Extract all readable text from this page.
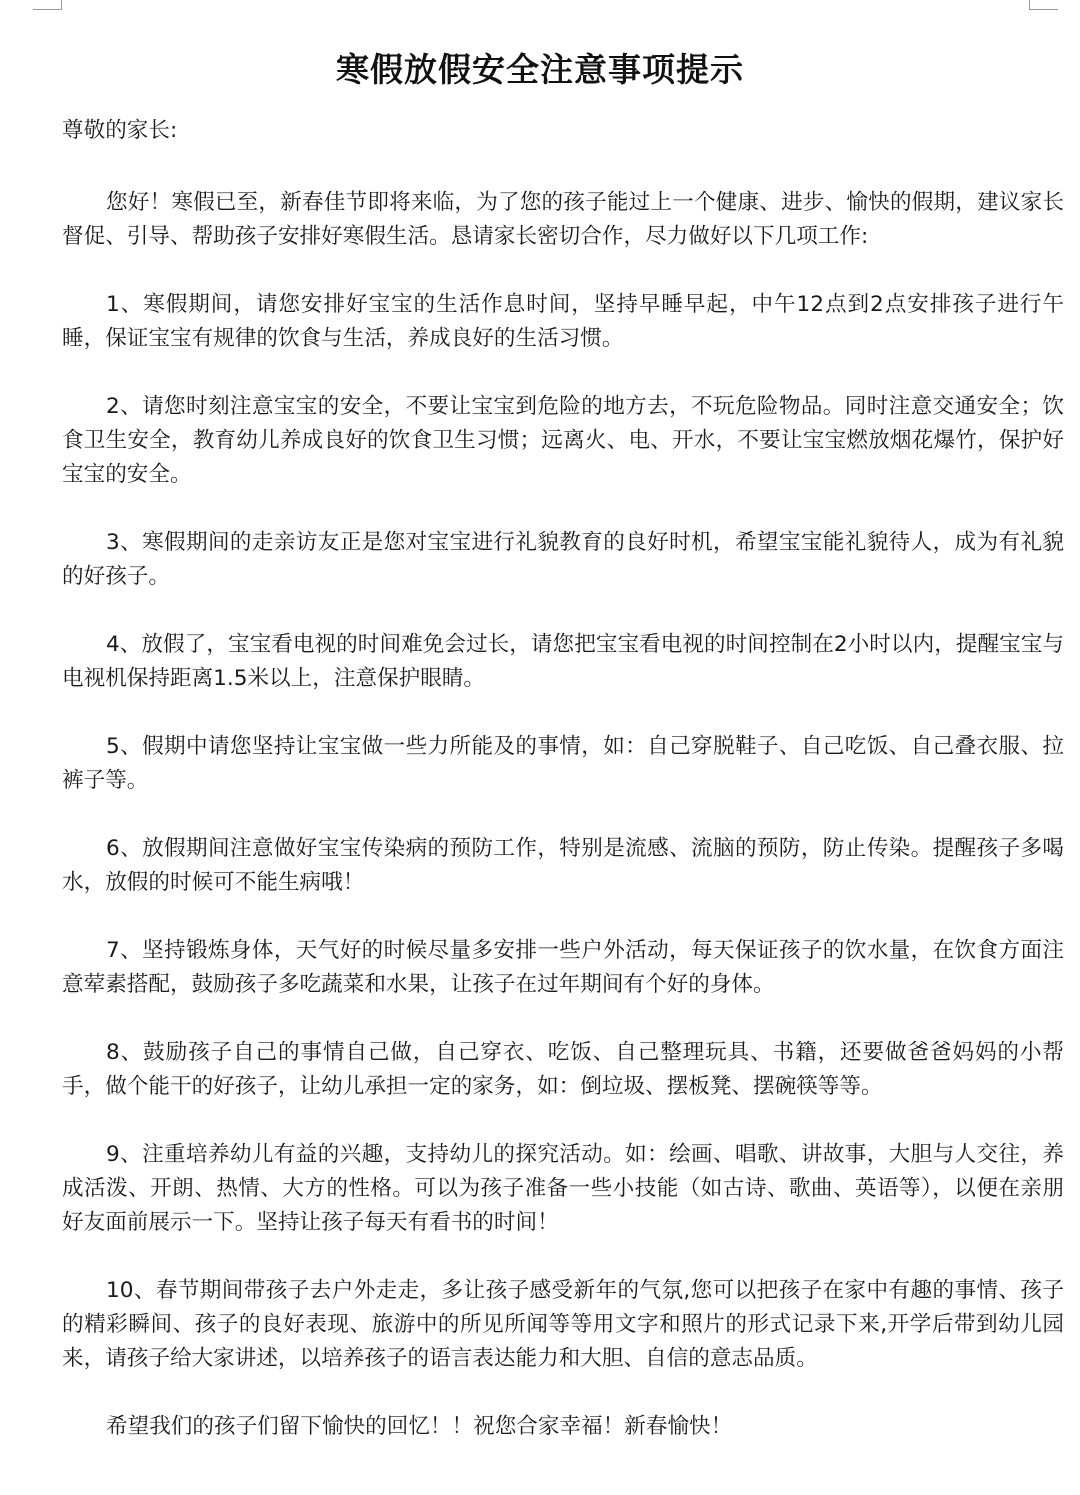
寒假放假安全注意事项提示

尊敬的家长:

您好！寒假已至，新春佳节即将来临，为了您的孩子能过上一个健康、进步、愉快的假期，建议家长督促、引导、帮助孩子安排好寒假生活。恳请家长密切合作，尽力做好以下几项工作:

1、寒假期间，请您安排好宝宝的生活作息时间，坚持早睡早起，中午12点到2点安排孩子进行午睡，保证宝宝有规律的饮食与生活，养成良好的生活习惯。

2、请您时刻注意宝宝的安全，不要让宝宝到危险的地方去，不玩危险物品。同时注意交通安全；饮食卫生安全，教育幼儿养成良好的饮食卫生习惯；远离火、电、开水，不要让宝宝燃放烟花爆竹，保护好宝宝的安全。

3、寒假期间的走亲访友正是您对宝宝进行礼貌教育的良好时机，希望宝宝能礼貌待人，成为有礼貌的好孩子。

4、放假了，宝宝看电视的时间难免会过长，请您把宝宝看电视的时间控制在2小时以内，提醒宝宝与电视机保持距离1.5米以上，注意保护眼睛。

5、假期中请您坚持让宝宝做一些力所能及的事情，如：自己穿脱鞋子、自己吃饭、自己叠衣服、拉裤子等。

6、放假期间注意做好宝宝传染病的预防工作，特别是流感、流脑的预防，防止传染。提醒孩子多喝水，放假的时候可不能生病哦！

7、坚持锻炼身体，天气好的时候尽量多安排一些户外活动，每天保证孩子的饮水量，在饮食方面注意荤素搭配，鼓励孩子多吃蔬菜和水果，让孩子在过年期间有个好的身体。

8、鼓励孩子自己的事情自己做，自己穿衣、吃饭、自己整理玩具、书籍，还要做爸爸妈妈的小帮手，做个能干的好孩子，让幼儿承担一定的家务，如：倒垃圾、摆板凳、摆碗筷等等。

9、注重培养幼儿有益的兴趣，支持幼儿的探究活动。如：绘画、唱歌、讲故事，大胆与人交往，养成活泼、开朗、热情、大方的性格。可以为孩子准备一些小技能（如古诗、歌曲、英语等），以便在亲朋好友面前展示一下。坚持让孩子每天有看书的时间！

10、春节期间带孩子去户外走走，多让孩子感受新年的气氛,您可以把孩子在家中有趣的事情、孩子的精彩瞬间、孩子的良好表现、旅游中的所见所闻等等用文字和照片的形式记录下来,开学后带到幼儿园来，请孩子给大家讲述，以培养孩子的语言表达能力和大胆、自信的意志品质。

希望我们的孩子们留下愉快的回忆！！祝您合家幸福！新春愉快！
